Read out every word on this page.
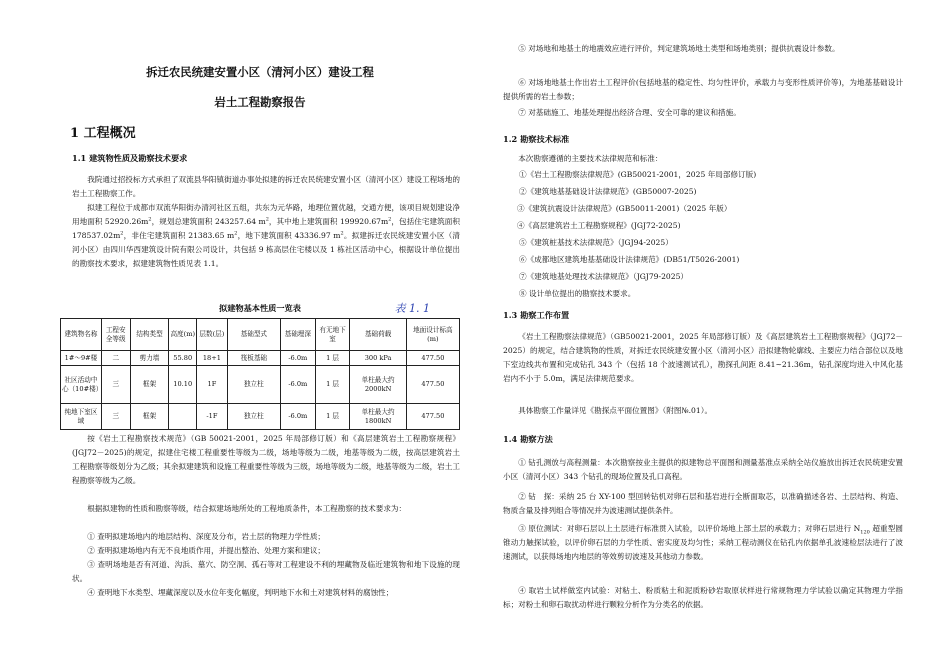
拆迁农民统建安置小区（清河小区）建设工程
岩土工程勘察报告
1 工程概况
1.1 建筑物性质及勘察技术要求
我院通过招投标方式承担了双流县华阳镇街道办事处拟建的拆迁农民统建安置小区（清河小区）建设工程场地的岩土工程勘察工作。
拟建工程位于成都市双流华阳街办清河社区五组，共东为元华路，地理位置优越，交通方便，该项目规划建设净用地面积 $52920.26m^2$，规划总建筑面积 243257.64 $m^2$，其中地上建筑面积 $199920.67m^2$，包括住宅建筑面积 $178537.02m^2$，非住宅建筑面积 21383.65 $m^2$，地下建筑面积 43336.97 $m^2$。拟建拆迁农民统建安置小区（清河小区）由四川华西建筑设计院有限公司设计，共包括 9 栋高层住宅楼以及 1 栋社区活动中心，根据设计单位提出的勘察技术要求，拟建建筑物性质见表 1.1。
拟建物基本性质一览表	表 1. 1
建筑物名称	工程安全等级	结构类型	高度(m)	层数(层)	基础型式	基础埋深	有无地下室	基础荷载	地面设计标高(m)
1#～9#楼	二	剪力墙	55.80	18+1	筏板基础	-6.0m	1 层	300 kPa	477.50
社区活动中心（10#楼）	三	框架	10.10	1F	独立柱	-6.0m	1 层	单柱最大约2000kN	477.50
纯地下室区域	三	框架		-1F	独立柱	-6.0m	1 层	单柱最大约1800kN	477.50
按《岩土工程勘察技术规范》（GB 50021-2001，2025 年局部修订版）和《高层建筑岩土工程勘察规程》(JGJ72－2025)的规定，拟建住宅楼工程重要性等级为二级，场地等级为二级，地基等级为二级，按高层建筑岩土工程勘察等级划分为乙级；其余拟建建筑和设施工程重要性等级为三级，场地等级为二级，地基等级为二级，岩土工程勘察等级为乙级。
根据拟建物的性质和勘察等级，结合拟建场地所处的工程地质条件，本工程勘察的技术要求为：
① 查明拟建场地内的地层结构、深度及分布，岩土层的物理力学性质；
② 查明拟建场地内有无不良地质作用，并提出整治、处理方案和建议；
③ 查明场地是否有河道、沟浜、墓穴、防空洞、孤石等对工程建设不利的埋藏物及临近建筑物和地下设施的现状。
④ 查明地下水类型、埋藏深度以及水位年变化幅度，判明地下水和土对建筑材料的腐蚀性；
⑤ 对场地和地基土的地震效应进行评价，判定建筑场地土类型和场地类别；提供抗震设计参数。
⑥ 对场地地基土作出岩土工程评价(包括地基的稳定性、均匀性评价，承载力与变形性质评价等)，为地基基础设计提供所需的岩土参数；
⑦ 对基础施工、地基处理提出经济合理、安全可靠的建议和措施。
1.2 勘察技术标准
本次勘察遵循的主要技术法律规范和标准：
①《岩土工程勘察法律规范》(GB50021-2001，2025 年局部修订版)
②《建筑地基基础设计法律规范》(GB50007-2025)
③《建筑抗震设计法律规范》(GB50011-2001)（2025 年版）
④《高层建筑岩土工程勘察规程》(JGJ72-2025)
⑤《建筑桩基技术法律规范》（JGJ94-2025）
⑥《成都地区建筑地基基础设计法律规范》(DB51/T5026-2001)
⑦《建筑地基处理技术法律规范》（JGJ79-2025）
⑧ 设计单位提出的勘察技术要求。
1.3 勘察工作布置
《岩土工程勘察法律规范》（GB50021-2001，2025 年局部修订版）及《高层建筑岩土工程勘察规程》（JGJ72－2025）的规定，结合建筑物的性质，对拆迁农民统建安置小区（清河小区）沿拟建物轮廓线、主要应力结合部位以及地下室边线共布置和完成钻孔 343 个（包括 18 个波速测试孔），勘探孔间距 8.41~21.36m，钻孔深度均进入中风化基岩内不小于 5.0m，满足法律规范要求。
具体勘察工作量详见《勘探点平面位置图》（附图№.01）。
1.4 勘察方法
① 钻孔测放与高程测量：本次勘察按业主提供的拟建物总平面图和测量基准点采纳全站仪施放出拆迁农民统建安置小区（清河小区）343 个钻孔的现场位置及孔口高程。
② 钻　探：采纳 25 台 XY-100 型回转钻机对卵石层和基岩进行全断面取芯，以准确描述各岩、土层结构、构造、物质含量及排列组合等情况并为波速测试提供条件。
③ 原位测试：对卵石层以上土层进行标准贯入试验，以评价场地上部土层的承载力；对卵石层进行 $N_{120}$ 超重型圆锥动力触探试验，以评价卵石层的力学性质、密实度及均匀性；采纳工程动测仪在钻孔内依据单孔波速检层法进行了波速测试，以获得场地内地层的等效剪切波速及其他动力参数。
④ 取岩土试样做室内试验：对粘土、粉质粘土和泥质粉砂岩取原状样进行常规物理力学试验以确定其物理力学指标；对粉土和卵石取扰动样进行颗粒分析作为分类名的依据。
